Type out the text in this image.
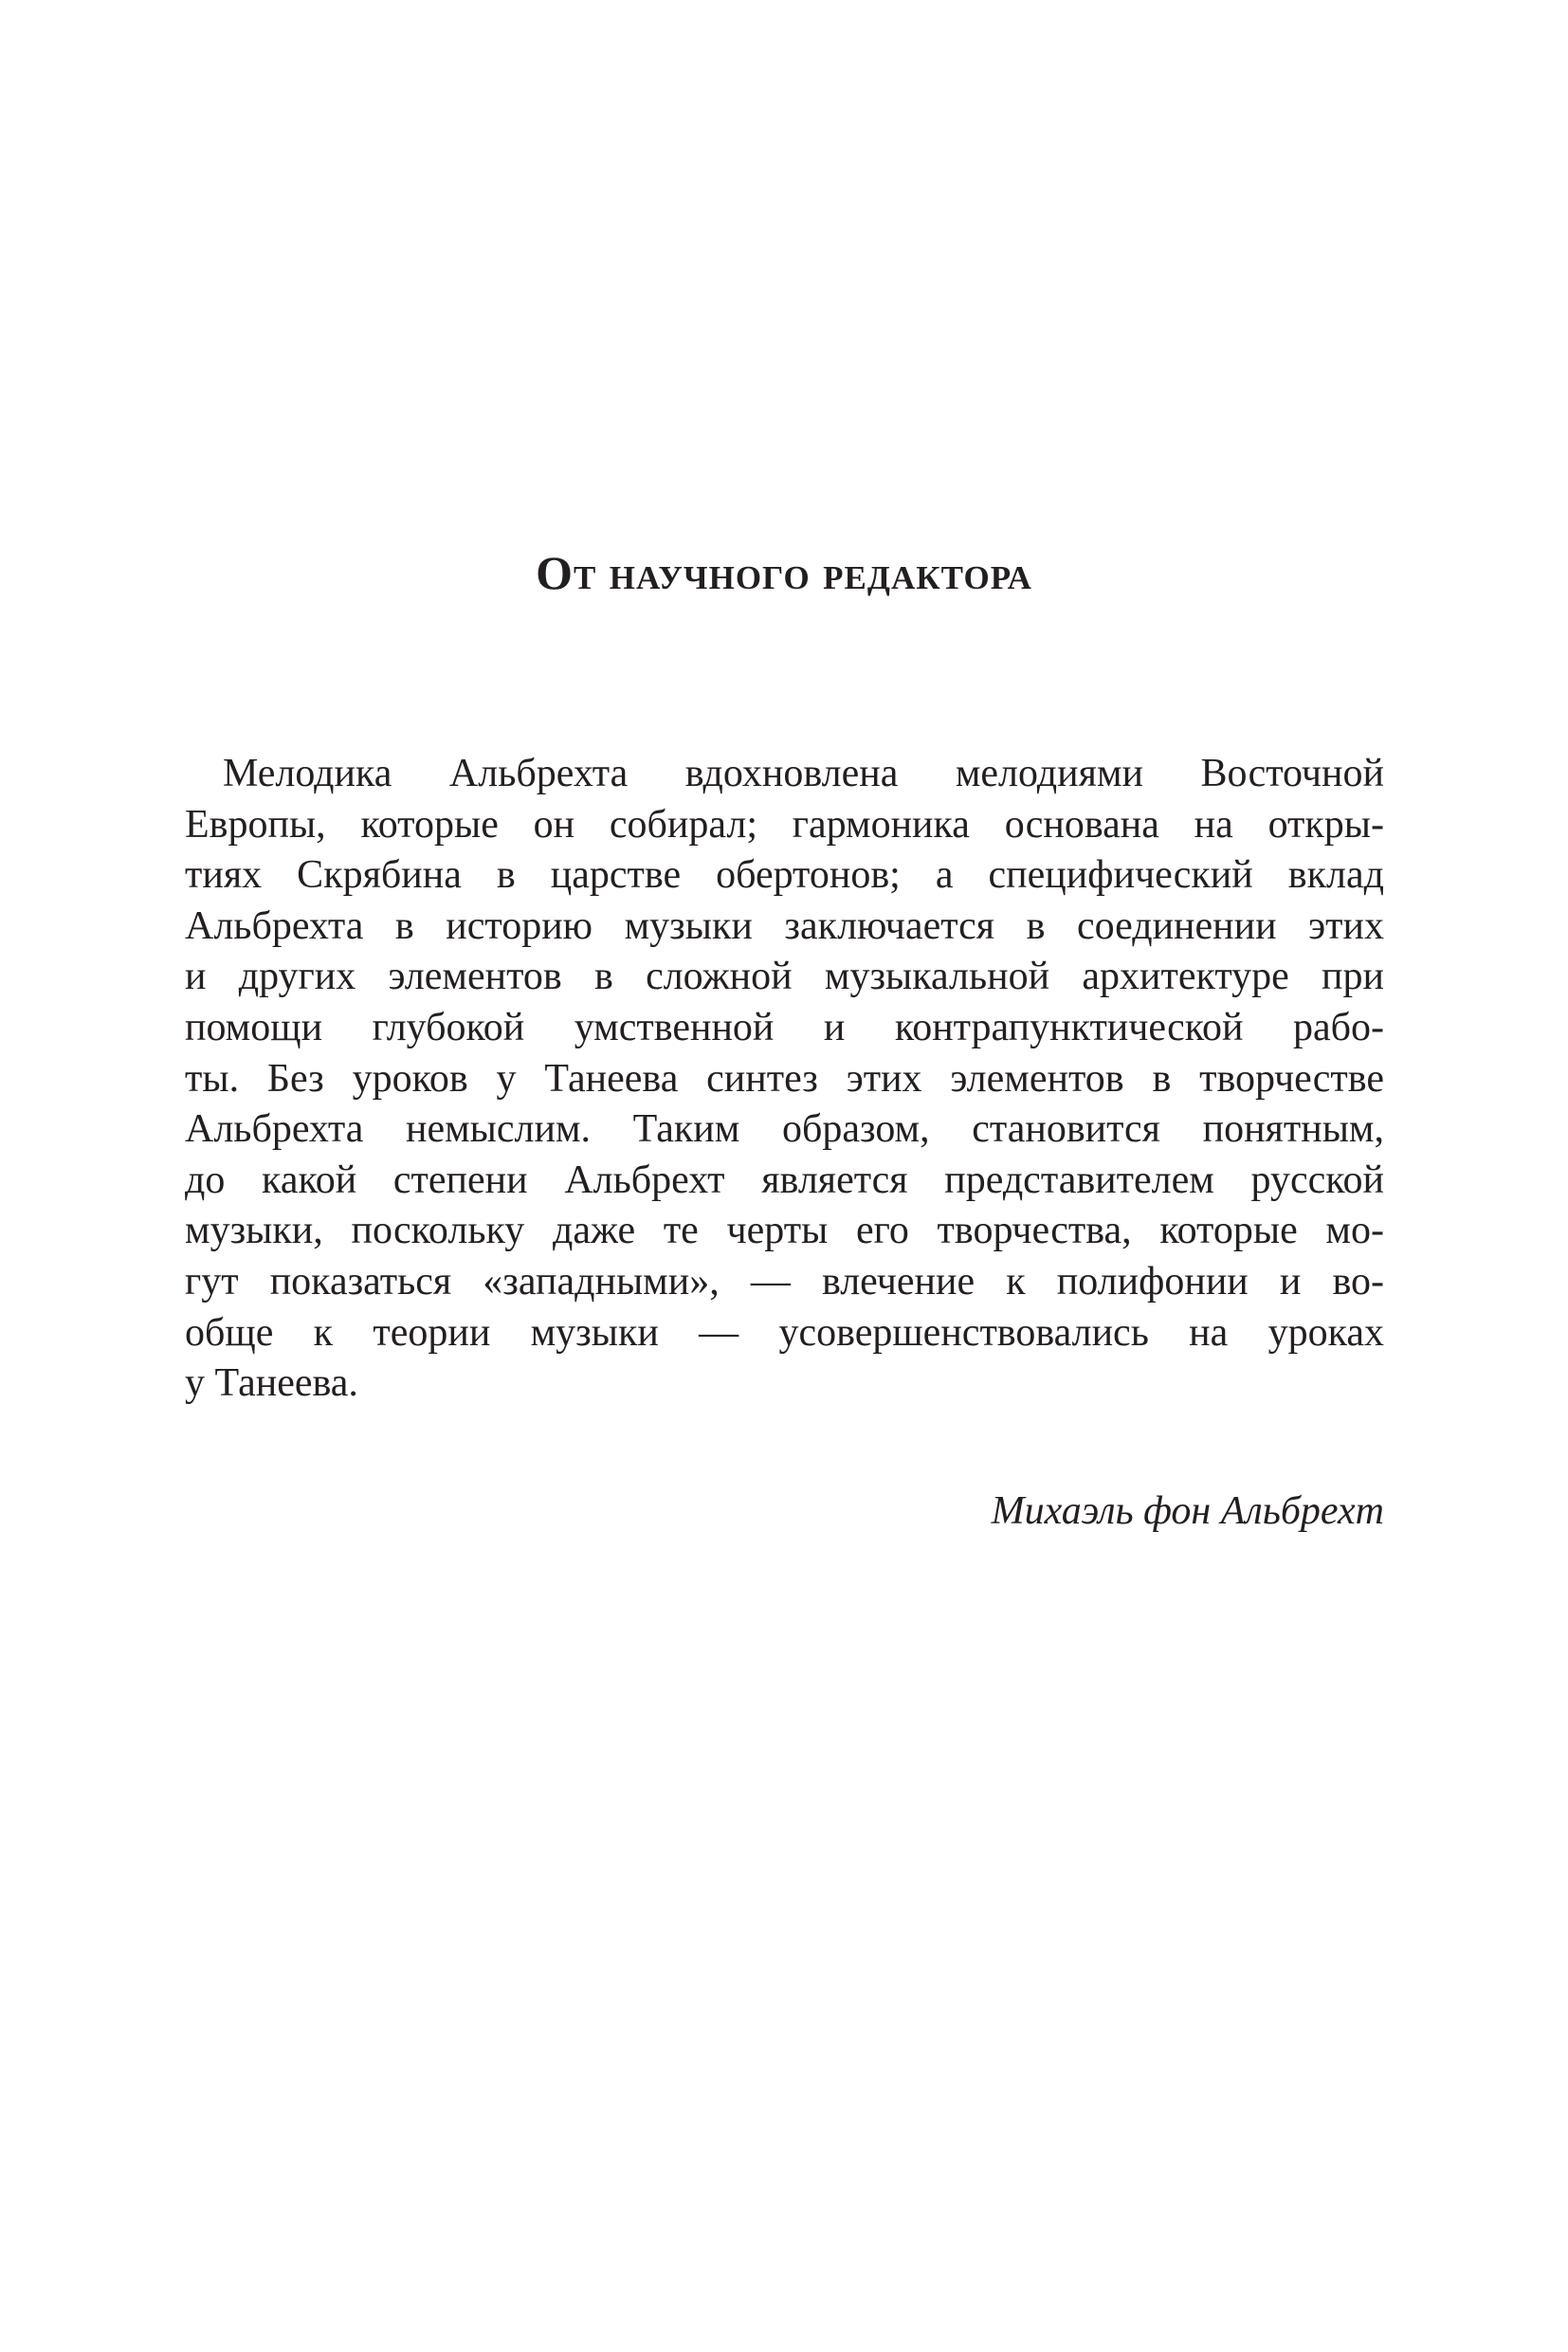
От научного редактора
Мелодика Альбрехта вдохновлена мелодиями Восточной
Европы, которые он собирал; гармоника основана на откры-
тиях Скрябина в царстве обертонов; а специфический вклад
Альбрехта в историю музыки заключается в соединении этих
и других элементов в сложной музыкальной архитектуре при
помощи глубокой умственной и контрапунктической рабо-
ты. Без уроков у Танеева синтез этих элементов в творчестве
Альбрехта немыслим. Таким образом, становится понятным,
до какой степени Альбрехт является представителем русской
музыки, поскольку даже те черты его творчества, которые мо-
гут показаться «западными», — влечение к полифонии и во-
обще к теории музыки — усовершенствовались на уроках
у Танеева.

Михаэль фон Альбрехт
